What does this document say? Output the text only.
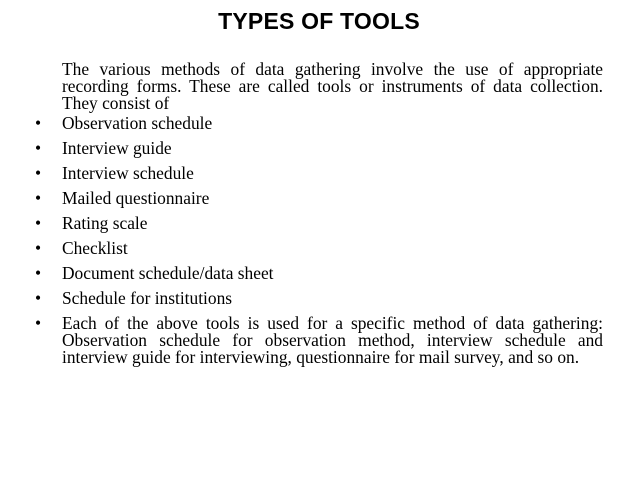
TYPES OF TOOLS

The various methods of data gathering involve the use of appropriate recording forms. These are called tools or instruments of data collection. They consist of

•	Observation schedule
•	Interview guide
•	Interview schedule
•	Mailed questionnaire
•	Rating scale
•	Checklist
•	Document schedule/data sheet
•	Schedule for institutions
•	Each of the above tools is used for a specific method of data gathering: Observation schedule for observation method, interview schedule and interview guide for interviewing, questionnaire for mail survey, and so on.
